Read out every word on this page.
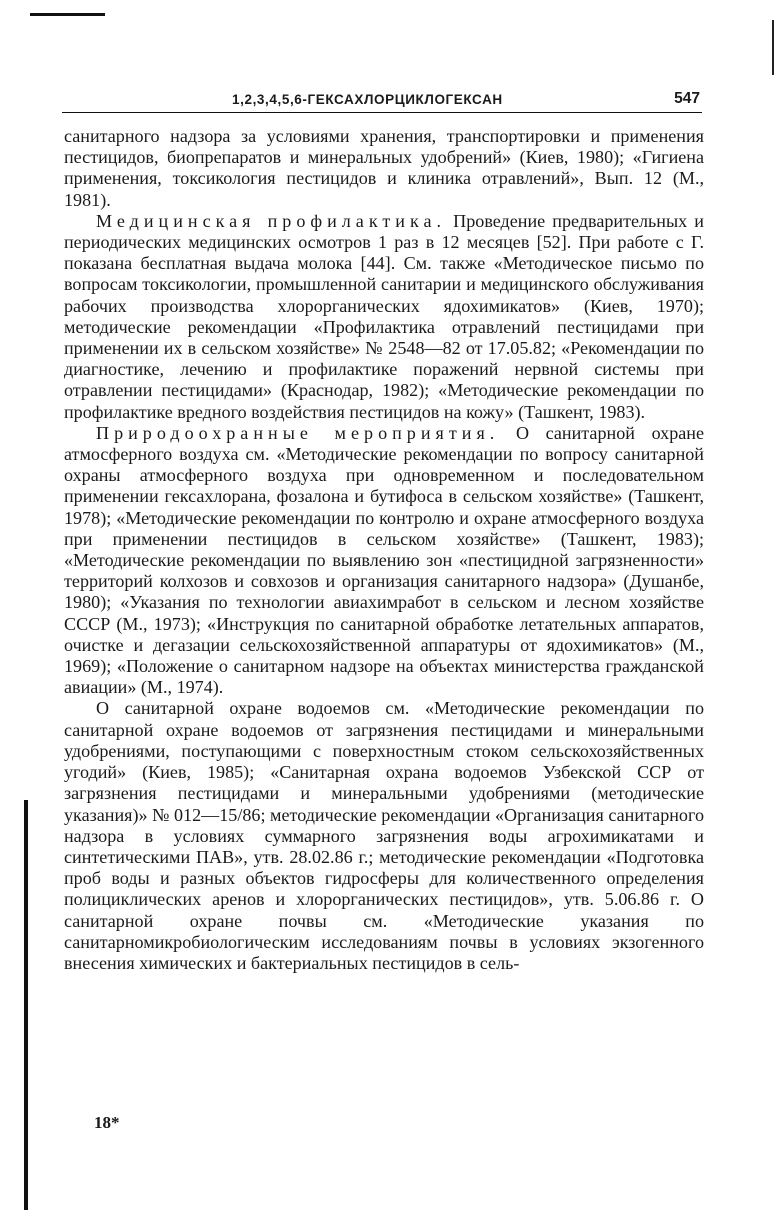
1,2,3,4,5,6-ГЕКСАХЛОРЦИКЛОГЕКСАН	547

санитарного надзора за условиями хранения, транспортировки и применения пестицидов, биопрепаратов и минеральных удобрений» (Киев, 1980); «Гигиена применения, токсикология пестицидов и клиника отравлений», Вып. 12 (М., 1981).

Медицинская профилактика. Проведение предварительных и периодических медицинских осмотров 1 раз в 12 месяцев [52]. При работе с Г. показана бесплатная выдача молока [44]. См. также «Методическое письмо по вопросам токсикологии, промышленной санитарии и медицинского обслуживания рабочих производства хлорорганических ядохимикатов» (Киев, 1970); методические рекомендации «Профилактика отравлений пестицидами при применении их в сельском хозяйстве» № 2548—82 от 17.05.82; «Рекомендации по диагностике, лечению и профилактике поражений нервной системы при отравлении пестицидами» (Краснодар, 1982); «Методические рекомендации по профилактике вредного воздействия пестицидов на кожу» (Ташкент, 1983).

Природоохранные мероприятия. О санитарной охране атмосферного воздуха см. «Методические рекомендации по вопросу санитарной охраны атмосферного воздуха при одновременном и последовательном применении гексахлорана, фозалона и бутифоса в сельском хозяйстве» (Ташкент, 1978); «Методические рекомендации по контролю и охране атмосферного воздуха при применении пестицидов в сельском хозяйстве» (Ташкент, 1983); «Методические рекомендации по выявлению зон «пестицидной загрязненности» территорий колхозов и совхозов и организация санитарного надзора» (Душанбе, 1980); «Указания по технологии авиахимработ в сельском и лесном хозяйстве СССР (М., 1973); «Инструкция по санитарной обработке летательных аппаратов, очистке и дегазации сельскохозяйственной аппаратуры от ядохимикатов» (М., 1969); «Положение о санитарном надзоре на объектах министерства гражданской авиации» (М., 1974).

О санитарной охране водоемов см. «Методические рекомендации по санитарной охране водоемов от загрязнения пестицидами и минеральными удобрениями, поступающими с поверхностным стоком сельскохозяйственных угодий» (Киев, 1985); «Санитарная охрана водоемов Узбекской ССР от загрязнения пестицидами и минеральными удобрениями (методические указания)» № 012—15/86; методические рекомендации «Организация санитарного надзора в условиях суммарного загрязнения воды агрохимикатами и синтетическими ПАВ», утв. 28.02.86 г.; методические рекомендации «Подготовка проб воды и разных объектов гидросферы для количественного определения полициклических аренов и хлорорганических пестицидов», утв. 5.06.86 г. О санитарной охране почвы см. «Методические указания по санитарномикробиологическим исследованиям почвы в условиях экзогенного внесения химических и бактериальных пестицидов в сель-

18*
